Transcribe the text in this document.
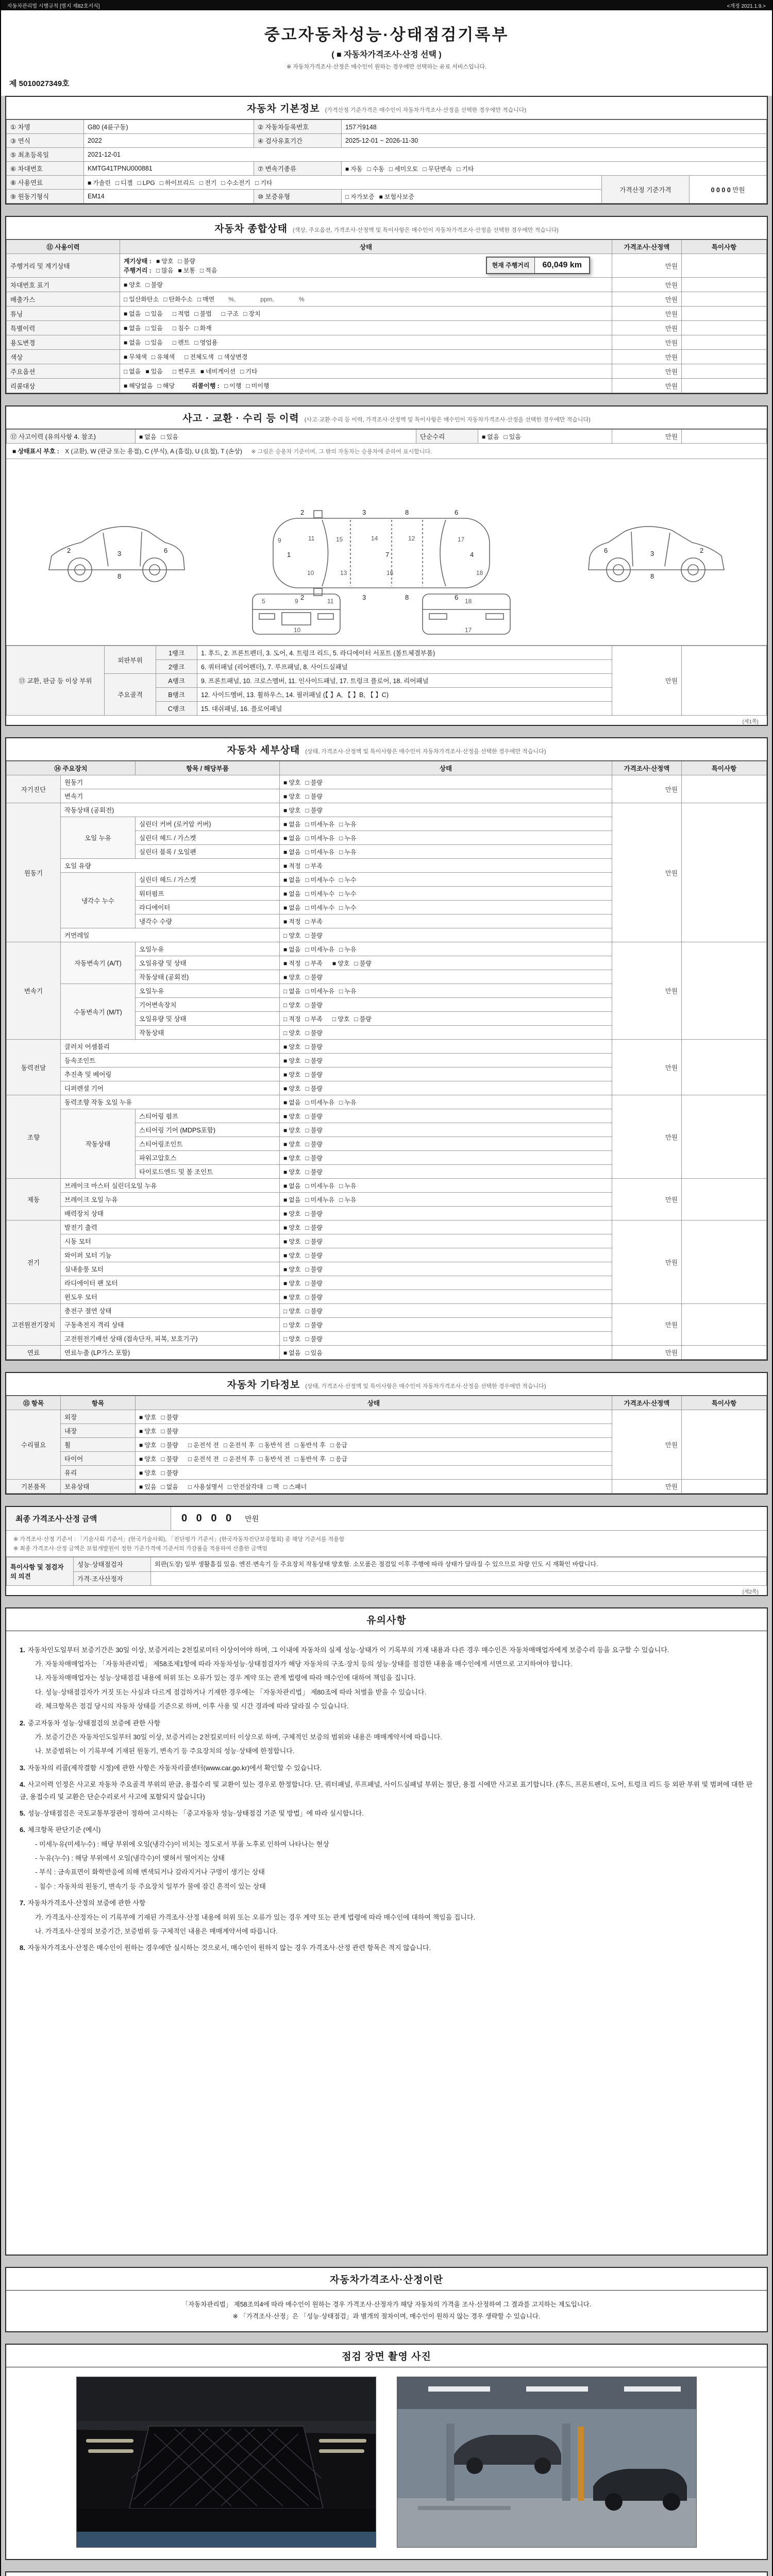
자동차관리법 시행규칙 [별지 제82호서식]	<개정 2021.1.9.>
중고자동차성능·상태점검기록부
( ■ 자동차가격조사·산정 선택 )
※ 자동차가격조사·산정은 매수인이 원하는 경우에만 선택하는 유료 서비스입니다.
제 5010027349호
자동차 기본정보 (가격산정 기준가격은 매수인이 자동차가격조사·산정을 선택한 경우에만 적습니다)
① 차명	G80 (4륜구동)	② 자동차등록번호	157거9148		
③ 연식	2022	④ 검사유효기간	2025-12-01 ~ 2026-11-30		
⑤ 최초등록일	2021-12-01				
⑥ 차대번호	KMTG41TPNU000881	⑦ 변속기종류	■ 자동 □ 수동 □ 세미오토 □ 무단변속 □ 기타		
⑧ 사용연료	■ 가솔린 □ 디젤 □ LPG □ 하이브리드 □ 전기 □ 수소전기 □ 기타			가격산정 기준가격	0 0 0 0 만원
⑨ 원동기형식	EM14	⑩ 보증유형	□ 자가보증 ■ 보험사보증		
자동차 종합상태 (색상, 주요옵션, 가격조사·산정액 및 특이사항은 매수인이 자동차가격조사·산정을 선택한 경우에만 적습니다)
⑪ 사용이력	상태	가격조사·산정액	특이사항
주행거리 및 계기상태	계기상태 : ■ 양호 □ 불량
주행거리 : □ 많음 ■ 보통 □ 적음
현재 주행거리 60,049 km	만원	
차대번호 표기	■ 양호 □ 불량	만원	
배출가스	□ 일산화탄소 □ 탄화수소 □ 매연 %,　　　　ppm,　　　　%	만원	
튜닝	■ 없음 □ 있음 □ 적법 □ 불법 □ 구조 □ 장치	만원	
특별이력	■ 없음 □ 있음 □ 침수 □ 화재	만원	
용도변경	■ 없음 □ 있음 □ 렌트 □ 영업용	만원	
색상	■ 무채색 □ 유채색 □ 전체도색 □ 색상변경	만원	
주요옵션	□ 없음 ■ 있음 □ 썬루프 ■ 네비게이션 □ 기타	만원	
리콜대상	■ 해당없음 □ 해당 리콜이행 : □ 이행 □ 미이행	만원	
사고 · 교환 · 수리 등 이력 (사고·교환·수리 등 이력, 가격조사·산정액 및 특이사항은 매수인이 자동차가격조사·산정을 선택한 경우에만 적습니다)
⑫ 사고이력 (유의사항 4. 참조)	■ 없음 □ 있음	단순수리	■ 없음 □ 있음	만원	
■ 상태표시 부호 : X (교환), W (판금 또는 용접), C (부식), A (흠집), U (요철), T (손상) ※ 그림은 승용차 기준이며, 그 밖의 자동차는 승용차에 준하여 표시합니다.
2	3
8
6	2
3
8
6
2	3	8	6
2	3	8	6
1	7	4
9	11	15
10	13
14
16
12	17
18
5	9	11
10
18
17
⑬ 교환, 판금 등 이상 부위	외판부위	1랭크	1. 후드, 2. 프론트펜더, 3. 도어, 4. 트렁크 리드, 5. 라디에이터 서포트 (볼트체결부품)	만원	
		2랭크	6. 쿼터패널 (리어펜더), 7. 루프패널, 8. 사이드실패널		
	주요골격	A랭크	9. 프론트패널, 10. 크로스멤버, 11. 인사이드패널, 17. 트렁크 플로어, 18. 리어패널		
		B랭크	12. 사이드멤버, 13. 휠하우스, 14. 필러패널 (【 】A, 【 】B, 【 】C)		
		C랭크	15. 대쉬패널, 16. 플로어패널		
(제1쪽)
자동차 세부상태 (상태, 가격조사·산정액 및 특이사항은 매수인이 자동차가격조사·산정을 선택한 경우에만 적습니다)
⑭ 주요장치		항목 / 해당부품	상태	가격조사·산정액	특이사항
자기진단	원동기		■ 양호 □ 불량	만원	
	변속기		■ 양호 □ 불량		
원동기	작동상태 (공회전)		■ 양호 □ 불량	만원	
	오일 누유	실린더 커버 (로커암 커버)	■ 없음 □ 미세누유 □ 누유		
		실린더 헤드 / 가스켓	■ 없음 □ 미세누유 □ 누유		
		실린더 블록 / 오일팬	■ 없음 □ 미세누유 □ 누유		
	오일 유량		■ 적정 □ 부족		
	냉각수 누수	실린더 헤드 / 가스켓	■ 없음 □ 미세누수 □ 누수		
		워터펌프	■ 없음 □ 미세누수 □ 누수		
		라디에이터	■ 없음 □ 미세누수 □ 누수		
		냉각수 수량	■ 적정 □ 부족		
	커먼레일		□ 양호 □ 불량		
변속기	자동변속기 (A/T)	오일누유	■ 없음 □ 미세누유 □ 누유	만원	
		오일유량 및 상태	■ 적정 □ 부족 ■ 양호 □ 불량		
		작동상태 (공회전)	■ 양호 □ 불량		
	수동변속기 (M/T)	오일누유	□ 없음 □ 미세누유 □ 누유		
		기어변속장치	□ 양호 □ 불량		
		오일유량 및 상태	□ 적정 □ 부족 □ 양호 □ 불량		
		작동상태	□ 양호 □ 불량		
동력전달	클러치 어셈블리		■ 양호 □ 불량	만원	
	등속조인트		■ 양호 □ 불량		
	추진축 및 베어링		■ 양호 □ 불량		
	디퍼렌셜 기어		■ 양호 □ 불량		
조향	동력조향 작동 오일 누유		■ 없음 □ 미세누유 □ 누유	만원	
	작동상태	스티어링 펌프	■ 양호 □ 불량		
		스티어링 기어 (MDPS포함)	■ 양호 □ 불량		
		스티어링조인트	■ 양호 □ 불량		
		파워고압호스	■ 양호 □ 불량		
		타이로드엔드 및 볼 조인트	■ 양호 □ 불량		
제동	브레이크 마스터 실린더오일 누유		■ 없음 □ 미세누유 □ 누유	만원	
	브레이크 오일 누유		■ 없음 □ 미세누유 □ 누유		
	배력장치 상태		■ 양호 □ 불량		
전기	발전기 출력		■ 양호 □ 불량	만원	
	시동 모터		■ 양호 □ 불량		
	와이퍼 모터 기능		■ 양호 □ 불량		
	실내송풍 모터		■ 양호 □ 불량		
	라디에이터 팬 모터		■ 양호 □ 불량		
	윈도우 모터		■ 양호 □ 불량		
고전원전기장치	충전구 절연 상태		□ 양호 □ 불량	만원	
	구동축전지 격리 상태		□ 양호 □ 불량		
	고전원전기배선 상태 (접속단자, 피복, 보호기구)		□ 양호 □ 불량		
연료	연료누출 (LP가스 포함)		■ 없음 □ 있음	만원	
자동차 기타정보 (상태, 가격조사·산정액 및 특이사항은 매수인이 자동차가격조사·산정을 선택한 경우에만 적습니다)
⑮ 항목	항목	상태	가격조사·산정액	특이사항
수리필요	외장	■ 양호 □ 불량	만원	
	내장	■ 양호 □ 불량		
	휠	■ 양호 □ 불량 □ 운전석 전 □ 운전석 후 □ 동반석 전 □ 동반석 후 □ 응급		
	타이어	■ 양호 □ 불량 □ 운전석 전 □ 운전석 후 □ 동반석 전 □ 동반석 후 □ 응급		
	유리	■ 양호 □ 불량		
기본품목	보유상태	■ 있음 □ 없음 □ 사용설명서 □ 안전삼각대 □ 잭 □ 스패너	만원	
최종 가격조사·산정 금액	0 0 0 0	만원
※ 가격조사·산정 기준서 : 「기술사회 기준서」(한국기술사회), 「진단평가 기준서」(한국자동차진단보증협회) 중 해당 기준서를 적용함
※ 최종 가격조사·산정 금액은 보험개발원이 정한 기준가격에 기준서의 가감률을 적용하여 산출한 금액임
특이사항 및 점검자의 의견	성능·상태점검자	외판(도장) 일부 생활흠집 있음. 엔진·변속기 등 주요장치 작동상태 양호함. 소모품은 점검일 이후 주행에 따라 상태가 달라질 수 있으므로 차량 인도 시 재확인 바랍니다.
	가격·조사산정자	
(제2쪽)
유의사항
1. 자동차인도일부터 보증기간은 30일 이상, 보증거리는 2천킬로미터 이상이어야 하며, 그 이내에 자동차의 실제 성능·상태가 이 기록부의 기재 내용과 다른 경우 매수인은 자동차매매업자에게 보증수리 등을 요구할 수 있습니다.
가. 자동차매매업자는 「자동차관리법」 제58조제1항에 따라 자동차성능·상태점검자가 해당 자동차의 구조·장치 등의 성능·상태를 점검한 내용을 매수인에게 서면으로 고지하여야 합니다.
나. 자동차매매업자는 성능·상태점검 내용에 허위 또는 오류가 있는 경우 계약 또는 관계 법령에 따라 매수인에 대하여 책임을 집니다.
다. 성능·상태점검자가 거짓 또는 사실과 다르게 점검하거나 기재한 경우에는 「자동차관리법」 제80조에 따라 처벌을 받을 수 있습니다.
라. 체크항목은 점검 당시의 자동차 상태를 기준으로 하며, 이후 사용 및 시간 경과에 따라 달라질 수 있습니다.
2. 중고자동차 성능·상태점검의 보증에 관한 사항
가. 보증기간은 자동차인도일부터 30일 이상, 보증거리는 2천킬로미터 이상으로 하며, 구체적인 보증의 범위와 내용은 매매계약서에 따릅니다.
나. 보증범위는 이 기록부에 기재된 원동기, 변속기 등 주요장치의 성능·상태에 한정합니다.
3. 자동차의 리콜(제작결함 시정)에 관한 사항은 자동차리콜센터(www.car.go.kr)에서 확인할 수 있습니다.
4. 사고이력 인정은 사고로 자동차 주요골격 부위의 판금, 용접수리 및 교환이 있는 경우로 한정합니다. 단, 쿼터패널, 루프패널, 사이드실패널 부위는 절단, 용접 시에만 사고로 표기합니다. (후드, 프론트펜더, 도어, 트렁크 리드 등 외판 부위 및 범퍼에 대한 판금, 용접수리 및 교환은 단순수리로서 사고에 포함되지 않습니다)
5. 성능·상태점검은 국토교통부장관이 정하여 고시하는 「중고자동차 성능·상태점검 기준 및 방법」에 따라 실시합니다.
6. 체크항목 판단기준 (예시)
- 미세누유(미세누수) : 해당 부위에 오일(냉각수)이 비치는 정도로서 부품 노후로 인하여 나타나는 현상
- 누유(누수) : 해당 부위에서 오일(냉각수)이 맺혀서 떨어지는 상태
- 부식 : 금속표면이 화학반응에 의해 변색되거나 갈라지거나 구멍이 생기는 상태
- 침수 : 자동차의 원동기, 변속기 등 주요장치 일부가 물에 잠긴 흔적이 있는 상태
7. 자동차가격조사·산정의 보증에 관한 사항
가. 가격조사·산정자는 이 기록부에 기재된 가격조사·산정 내용에 허위 또는 오류가 있는 경우 계약 또는 관계 법령에 따라 매수인에 대하여 책임을 집니다.
나. 가격조사·산정의 보증기간, 보증범위 등 구체적인 내용은 매매계약서에 따릅니다.
8. 자동차가격조사·산정은 매수인이 원하는 경우에만 실시하는 것으로서, 매수인이 원하지 않는 경우 가격조사·산정 관련 항목은 적지 않습니다.
자동차가격조사·산정이란
「자동차관리법」 제58조의4에 따라 매수인이 원하는 경우 가격조사·산정자가 해당 자동차의 가격을 조사·산정하여 그 결과를 고지하는 제도입니다.
※ 「가격조사·산정」은 「성능·상태점검」과 별개의 절차이며, 매수인이 원하지 않는 경우 생략할 수 있습니다.
점검 장면 촬영 사진
